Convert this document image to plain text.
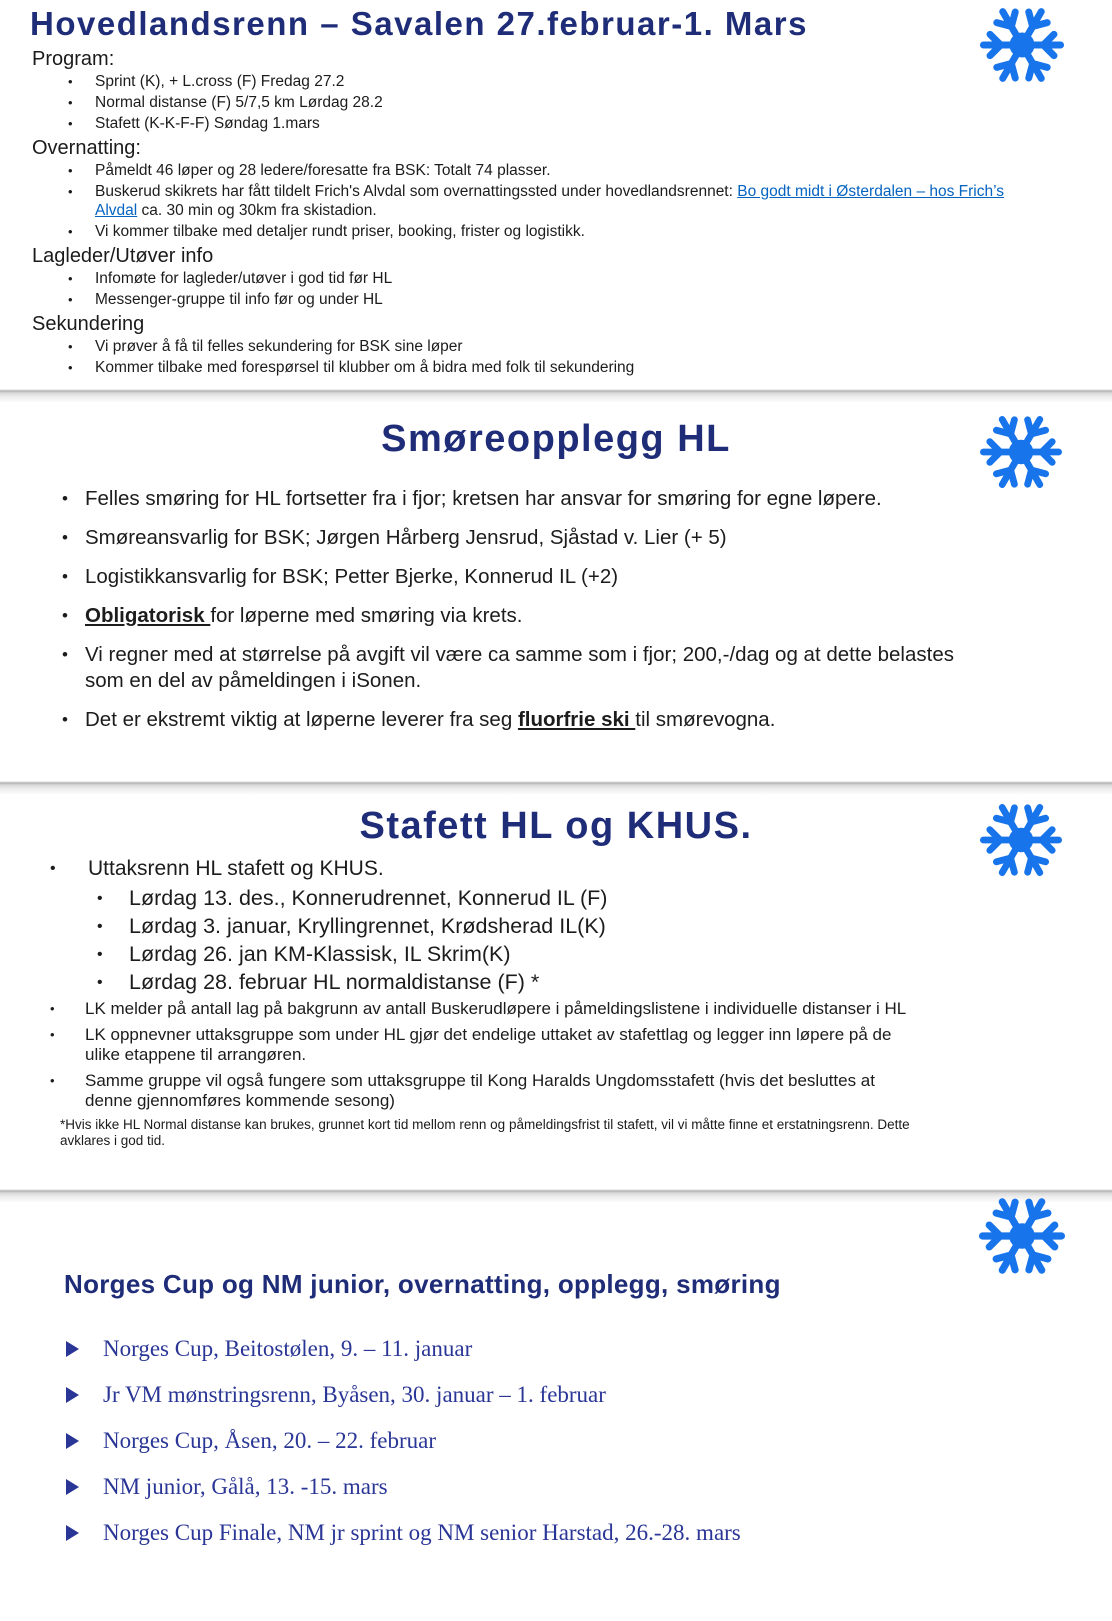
Hovedlandsrenn – Savalen 27.februar-1. Mars
Program:
•	Sprint (K), + L.cross (F) Fredag 27.2
•	Normal distanse (F) 5/7,5 km Lørdag 28.2
•	Stafett (K-K-F-F) Søndag 1.mars
Overnatting:
•	Påmeldt 46 løper og 28 ledere/foresatte fra BSK: Totalt 74 plasser.
•	Buskerud skikrets har fått tildelt Frich's Alvdal som overnattingssted under hovedlandsrennet: Bo godt midt i Østerdalen – hos Frich’s Alvdal ca. 30 min og 30km fra skistadion.
•	Vi kommer tilbake med detaljer rundt priser, booking, frister og logistikk.
Lagleder/Utøver info
•	Infomøte for lagleder/utøver i god tid før HL
•	Messenger-gruppe til info før og under HL
Sekundering
•	Vi prøver å få til felles sekundering for BSK sine løper
•	Kommer tilbake med forespørsel til klubber om å bidra med folk til sekundering
Smøreopplegg HL
• Felles smøring for HL fortsetter fra i fjor; kretsen har ansvar for smøring for egne løpere.
• Smøreansvarlig for BSK; Jørgen Hårberg Jensrud, Sjåstad v. Lier (+ 5)
• Logistikkansvarlig for BSK; Petter Bjerke, Konnerud IL (+2)
• Obligatorisk for løperne med smøring via krets.
• Vi regner med at størrelse på avgift vil være ca samme som i fjor; 200,-/dag og at dette belastes som en del av påmeldingen i iSonen.
• Det er ekstremt viktig at løperne leverer fra seg fluorfrie ski til smørevogna.
Stafett HL og KHUS.
•	Uttaksrenn HL stafett og KHUS.
•	Lørdag 13. des., Konnerudrennet, Konnerud IL (F)
•	Lørdag 3. januar, Kryllingrennet, Krødsherad IL(K)
•	Lørdag 26. jan KM-Klassisk, IL Skrim(K)
•	Lørdag 28. februar HL normaldistanse (F) *
•	LK melder på antall lag på bakgrunn av antall Buskerudløpere i påmeldingslistene i individuelle distanser i HL
•	LK oppnevner uttaksgruppe som under HL gjør det endelige uttaket av stafettlag og legger inn løpere på de ulike etappene til arrangøren.
•	Samme gruppe vil også fungere som uttaksgruppe til Kong Haralds Ungdomsstafett (hvis det besluttes at denne gjennomføres kommende sesong)
*Hvis ikke HL Normal distanse kan brukes, grunnet kort tid mellom renn og påmeldingsfrist til stafett, vil vi måtte finne et erstatningsrenn. Dette avklares i god tid.
Norges Cup og NM junior, overnatting, opplegg, smøring
Norges Cup, Beitostølen, 9. – 11. januar
Jr VM mønstringsrenn, Byåsen, 30. januar – 1. februar
Norges Cup, Åsen, 20. – 22. februar
NM junior, Gålå, 13. -15. mars
Norges Cup Finale, NM jr sprint og NM senior Harstad, 26.-28. mars
